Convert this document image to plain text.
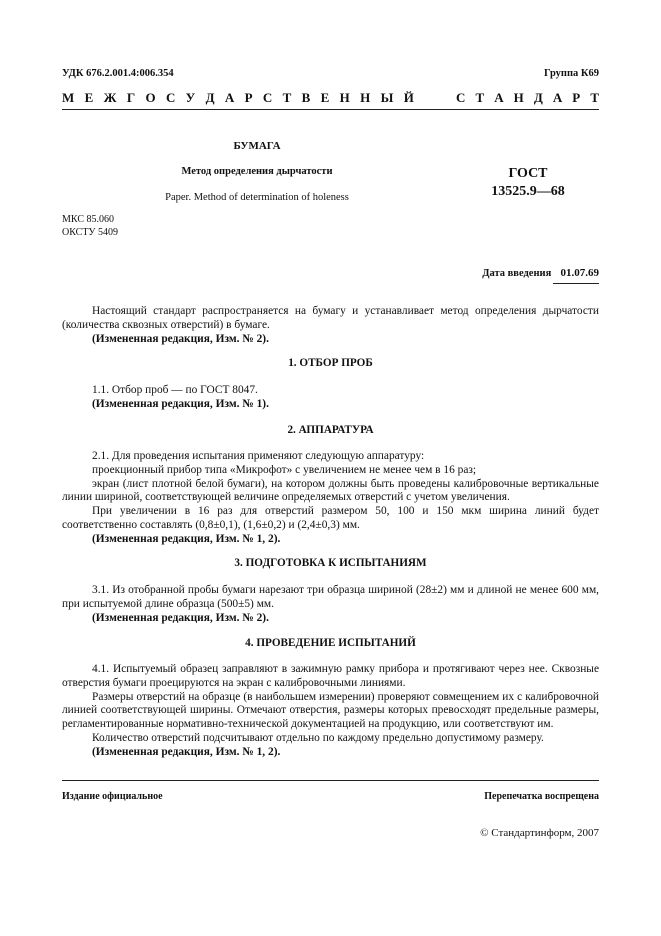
УДК 676.2.001.4:006.354	Группа К69
М Е Ж Г О С У Д А Р С Т В Е Н Н Ы Й	С Т А Н Д А Р Т
БУМАГА
Метод определения дырчатости
Paper. Method of determination of holeness
ГОСТ
13525.9—68
МКС 85.060
ОКСТУ 5409
Дата введения 01.07.69

Настоящий стандарт распространяется на бумагу и устанавливает метод определения дырчатости (количества сквозных отверстий) в бумаге.

(Измененная редакция, Изм. № 2).

1. ОТБОР ПРОБ

1.1. Отбор проб — по ГОСТ 8047.

(Измененная редакция, Изм. № 1).

2. АППАРАТУРА

2.1. Для проведения испытания применяют следующую аппаратуру:

проекционный прибор типа «Микрофот» с увеличением не менее чем в 16 раз;

экран (лист плотной белой бумаги), на котором должны быть проведены калибровочные вертикальные линии шириной, соответствующей величине определяемых отверстий с учетом увеличения.

При увеличении в 16 раз для отверстий размером 50, 100 и 150 мкм ширина линий будет соответственно составлять (0,8±0,1), (1,6±0,2) и (2,4±0,3) мм.

(Измененная редакция, Изм. № 1, 2).

3. ПОДГОТОВКА К ИСПЫТАНИЯМ

3.1. Из отобранной пробы бумаги нарезают три образца шириной (28±2) мм и длиной не менее 600 мм, при испытуемой длине образца (500±5) мм.

(Измененная редакция, Изм. № 2).

4. ПРОВЕДЕНИЕ ИСПЫТАНИЙ

4.1. Испытуемый образец заправляют в зажимную рамку прибора и протягивают через нее. Сквозные отверстия бумаги проецируются на экран с калибровочными линиями.

Размеры отверстий на образце (в наибольшем измерении) проверяют совмещением их с калибровочной линией соответствующей ширины. Отмечают отверстия, размеры которых превосходят предельные размеры, регламентированные нормативно-технической документацией на продукцию, или соответствуют им.

Количество отверстий подсчитывают отдельно по каждому предельно допустимому размеру.

(Измененная редакция, Изм. № 1, 2).

Издание официальное	Перепечатка воспрещена
© Стандартинформ, 2007
